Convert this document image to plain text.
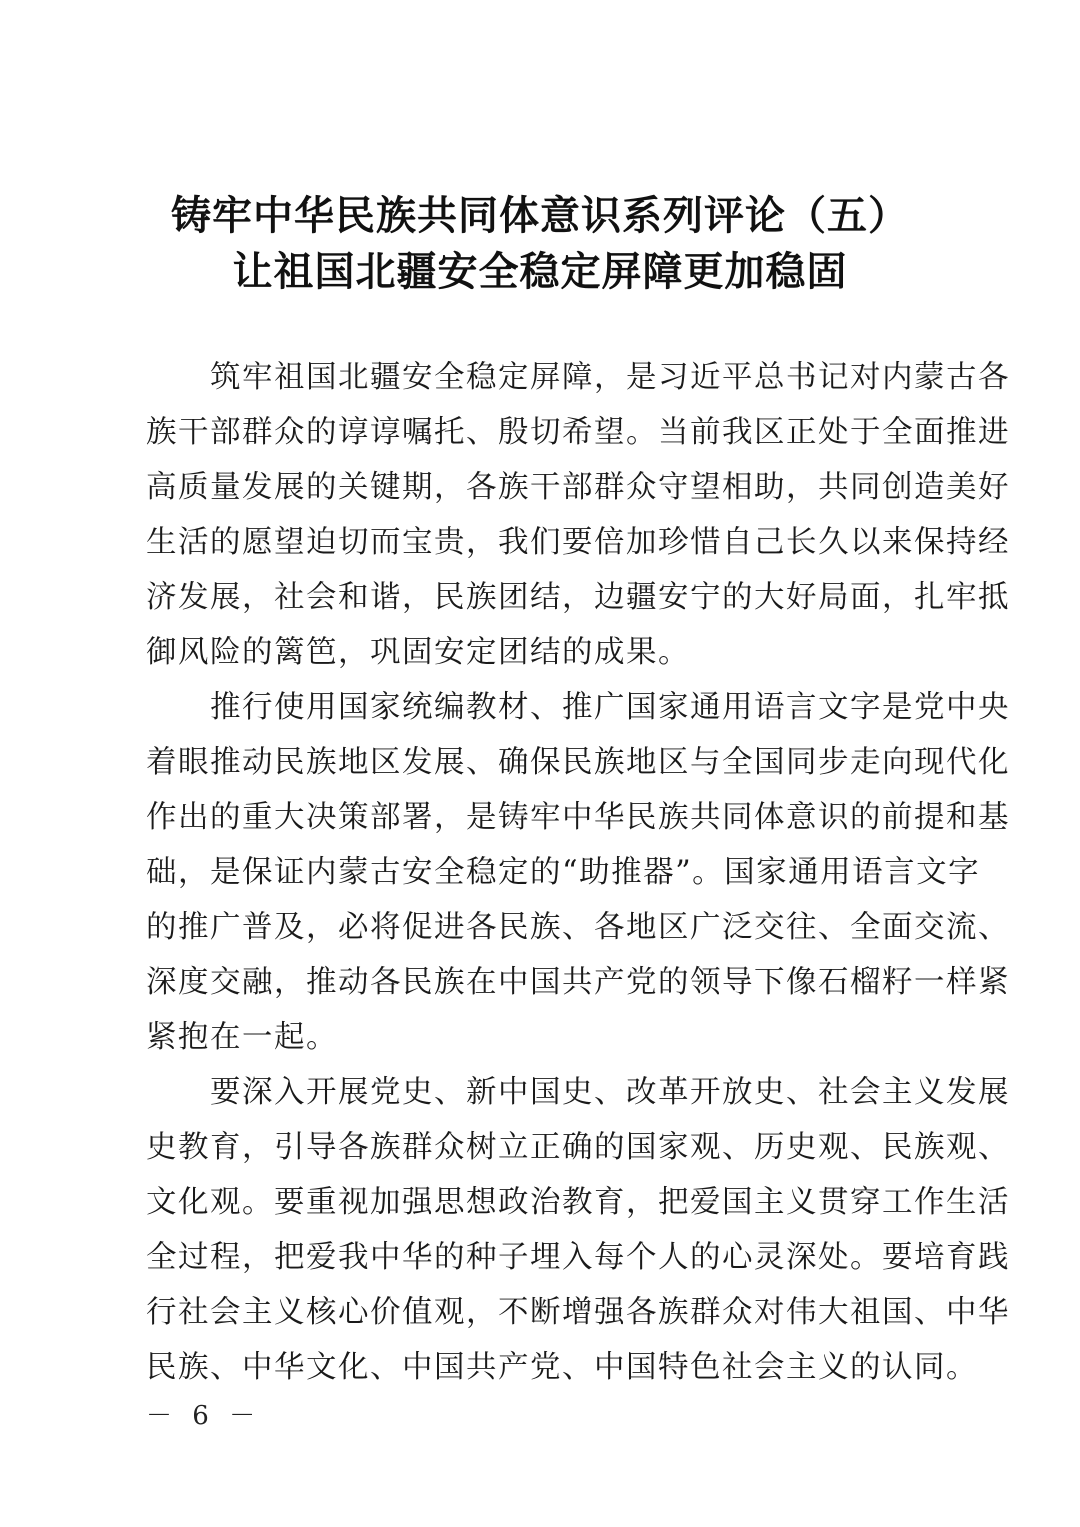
铸牢中华民族共同体意识系列评论（五）
让祖国北疆安全稳定屏障更加稳固

　　筑牢祖国北疆安全稳定屏障，是习近平总书记对内蒙古各
族干部群众的谆谆嘱托、殷切希望。当前我区正处于全面推进
高质量发展的关键期，各族干部群众守望相助，共同创造美好
生活的愿望迫切而宝贵，我们要倍加珍惜自己长久以来保持经
济发展，社会和谐，民族团结，边疆安宁的大好局面，扎牢抵
御风险的篱笆，巩固安定团结的成果。

　　推行使用国家统编教材、推广国家通用语言文字是党中央
着眼推动民族地区发展、确保民族地区与全国同步走向现代化
作出的重大决策部署，是铸牢中华民族共同体意识的前提和基
础，是保证内蒙古安全稳定的“助推器”。国家通用语言文字
的推广普及，必将促进各民族、各地区广泛交往、全面交流、
深度交融，推动各民族在中国共产党的领导下像石榴籽一样紧
紧抱在一起。

　　要深入开展党史、新中国史、改革开放史、社会主义发展
史教育，引导各族群众树立正确的国家观、历史观、民族观、
文化观。要重视加强思想政治教育，把爱国主义贯穿工作生活
全过程，把爱我中华的种子埋入每个人的心灵深处。要培育践
行社会主义核心价值观，不断增强各族群众对伟大祖国、中华
民族、中华文化、中国共产党、中国特色社会主义的认同。

－ 6 －
